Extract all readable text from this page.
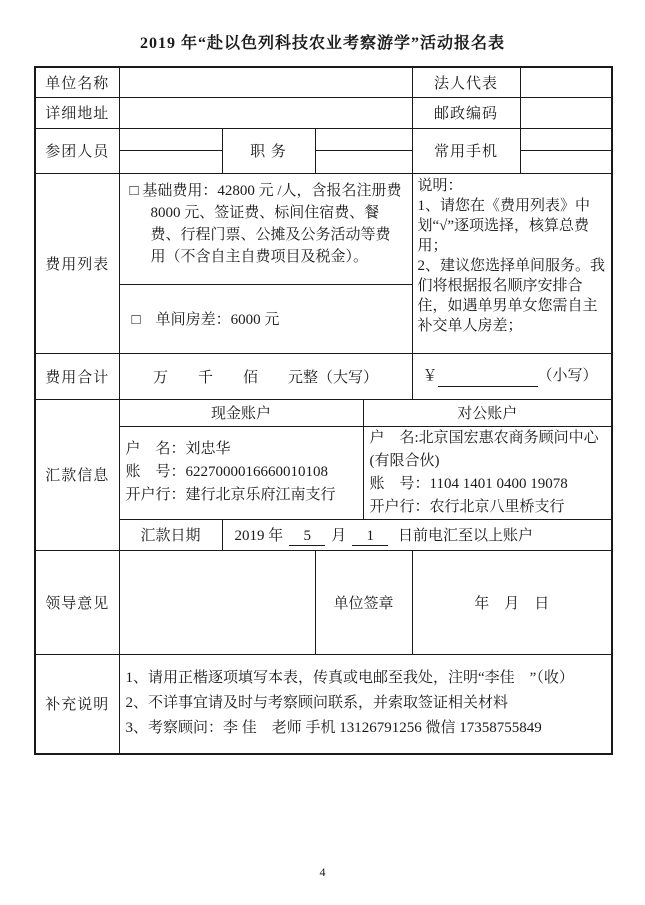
2019 年“赴以色列科技农业考察游学”活动报名表
单位名称					法人代表	
详细地址					邮政编码	
参团人员		职 务			常用手机	

费用列表	□ 基础费用：42800 元 /人，含报名注册费 8000 元、签证费、标间住宿费、餐费、行程门票、公摊及公务活动等费用（不含自主自费项目及税金）。				说明：
1、请您在《费用列表》中划“√”逐项选择，核算总费用；
2、建议您选择单间服务。我们将根据报名顺序安排合住，如遇单男单女您需自主补交单人房差；	

	□　 单间房差：6000 元					

费用合计	万　　千　　佰　　元整（大写）				￥ （小写）	
汇款信息	现金账户			对公账户		

户　名：刘忠华
账　号：6227000016660010108
开户行：建行北京乐府江南支行

户　名:北京国宏惠农商务顾问中心(有限合伙)
账　号：1104 1401 0400 19078
开户行：农行北京八里桥支行

	汇款日期	2019 年 5 月 1 日前电汇至以上账户				
领导意见			单位签章		年　月　日	
补充说明	1、请用正楷逐项填写本表，传真或电邮至我处，注明“李佳　”（收）
2、不详事宜请及时与考察顾问联系，并索取签证相关材料
3、考察顾问：李 佳　老师 手机 13126791256 微信 17358755849					
4
